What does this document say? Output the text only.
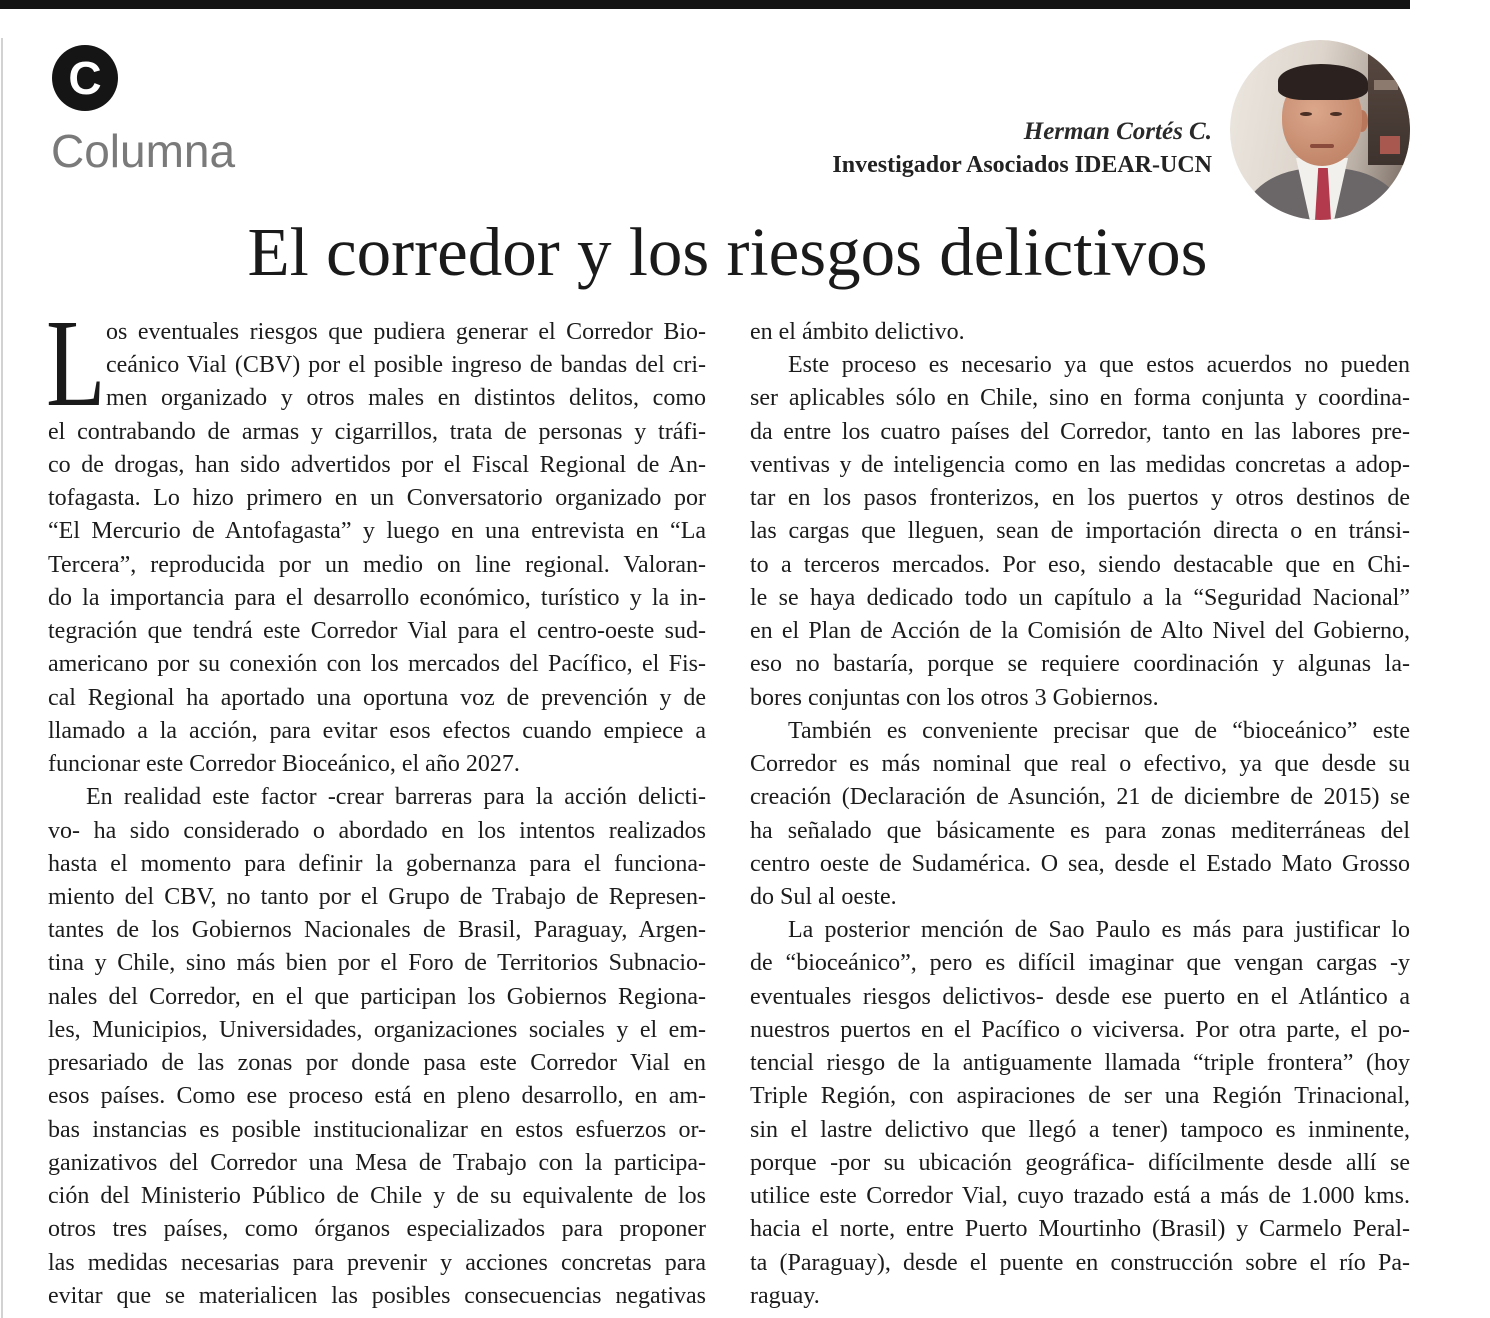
C
Columna	Herman Cortés C.
Investigador Asociados IDEAR-UCN
El corredor y los riesgos delictivos
L os eventuales riesgos que pudiera generar el Corredor Bio-
ceánico Vial (CBV) por el posible ingreso de bandas del cri-
men organizado y otros males en distintos delitos, como
el contrabando de armas y cigarrillos, trata de personas y tráfi-
co de drogas, han sido advertidos por el Fiscal Regional de An-
tofagasta. Lo hizo primero en un Conversatorio organizado por
“El Mercurio de Antofagasta” y luego en una entrevista en “La
Tercera”, reproducida por un medio on line regional. Valoran-
do la importancia para el desarrollo económico, turístico y la in-
tegración que tendrá este Corredor Vial para el centro-oeste sud-
americano por su conexión con los mercados del Pacífico, el Fis-
cal Regional ha aportado una oportuna voz de prevención y de
llamado a la acción, para evitar esos efectos cuando empiece a
funcionar este Corredor Bioceánico, el año 2027.
En realidad este factor -crear barreras para la acción delicti-
vo- ha sido considerado o abordado en los intentos realizados
hasta el momento para definir la gobernanza para el funciona-
miento del CBV, no tanto por el Grupo de Trabajo de Represen-
tantes de los Gobiernos Nacionales de Brasil, Paraguay, Argen-
tina y Chile, sino más bien por el Foro de Territorios Subnacio-
nales del Corredor, en el que participan los Gobiernos Regiona-
les, Municipios, Universidades, organizaciones sociales y el em-
presariado de las zonas por donde pasa este Corredor Vial en
esos países. Como ese proceso está en pleno desarrollo, en am-
bas instancias es posible institucionalizar en estos esfuerzos or-
ganizativos del Corredor una Mesa de Trabajo con la participa-
ción del Ministerio Público de Chile y de su equivalente de los
otros tres países, como órganos especializados para proponer
las medidas necesarias para prevenir y acciones concretas para
evitar que se materialicen las posibles consecuencias negativas
en el ámbito delictivo.
Este proceso es necesario ya que estos acuerdos no pueden
ser aplicables sólo en Chile, sino en forma conjunta y coordina-
da entre los cuatro países del Corredor, tanto en las labores pre-
ventivas y de inteligencia como en las medidas concretas a adop-
tar en los pasos fronterizos, en los puertos y otros destinos de
las cargas que lleguen, sean de importación directa o en tránsi-
to a terceros mercados. Por eso, siendo destacable que en Chi-
le se haya dedicado todo un capítulo a la “Seguridad Nacional”
en el Plan de Acción de la Comisión de Alto Nivel del Gobierno,
eso no bastaría, porque se requiere coordinación y algunas la-
bores conjuntas con los otros 3 Gobiernos.
También es conveniente precisar que de “bioceánico” este
Corredor es más nominal que real o efectivo, ya que desde su
creación (Declaración de Asunción, 21 de diciembre de 2015) se
ha señalado que básicamente es para zonas mediterráneas del
centro oeste de Sudamérica. O sea, desde el Estado Mato Grosso
do Sul al oeste.
La posterior mención de Sao Paulo es más para justificar lo
de “bioceánico”, pero es difícil imaginar que vengan cargas -y
eventuales riesgos delictivos- desde ese puerto en el Atlántico a
nuestros puertos en el Pacífico o viciversa. Por otra parte, el po-
tencial riesgo de la antiguamente llamada “triple frontera” (hoy
Triple Región, con aspiraciones de ser una Región Trinacional,
sin el lastre delictivo que llegó a tener) tampoco es inminente,
porque -por su ubicación geográfica- difícilmente desde allí se
utilice este Corredor Vial, cuyo trazado está a más de 1.000 kms.
hacia el norte, entre Puerto Mourtinho (Brasil) y Carmelo Peral-
ta (Paraguay), desde el puente en construcción sobre el río Pa-
raguay.
